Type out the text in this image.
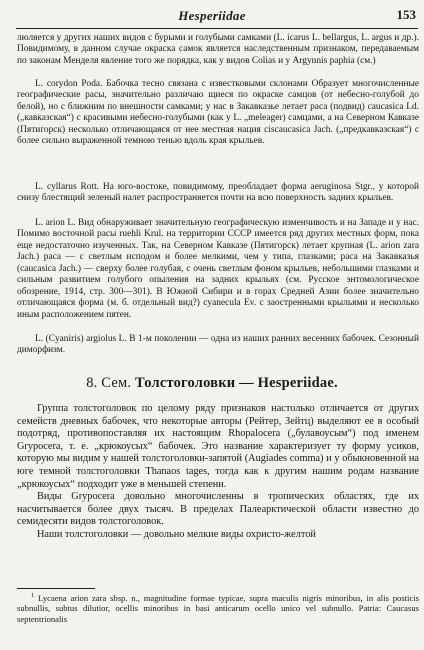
Hesperiidae	153

люляется у других наших видов с бурыми и голубыми самками (L. icarus L. bellargus, L. argus и др.). Повидимому, в данном случае окраска самок является наследственным признаком, передаваемым по законам Менделя явление того же порядка, как у видов Colias и у Argynnis paphia (см.)

L. corydon Poda. Бабочка тесно связана с известковыми склонами Образует многочисленные географические расы, значительно различаю щиеся по окраске самцов (от небесно-голубой до белой), но с ближним по внешности самками; у нас в Закавказье летает раса (подвид) caucasica Ld. („кавказская“) с красивыми небесно-голубыми (как у L. „meleager) самцами, а на Северном Кавказе (Пятигорск) несколько отличающаяся от нее местная нация ciscaucasica Jach. („предкавказская“) с более сильно выраженной темною тенью вдоль края крыльев.

L. cyllarus Rott. На юго-востоке, повидимому, преобладает форма aeruginosa Stgr., у которой снизу блестящий зеленый налет распространяется почти на всю поверхность задних крыльев.

L. arion L. Вид обнаруживает значительную географическую изменчивость и на Западе и у нас. Помимо восточной расы ruehli Krul. на территории СССР имеется ряд других местных форм, пока еще недостаточно изученных. Так, на Северном Кавказе (Пятигорск) летает крупная (L. arion zara Jach.) раса — с светлым исподом и более мелкими, чем у типа, глазками; раса на Закавказья (caucasica Jach.) — сверху более голубая, с очень светлым фоном крыльев, небольшими глазками и сильным развитием голубого опыления на задних крыльях (см. Русское энтомологическое обозрение, 1914, стр. 300—301). В Южной Сибири и в горах Средней Азии более значительно отличающаяся форма (м. б. отдельный вид?) cyanecula Ev. с заостренными крыльями и несколько иным расположением пятен.

L. (Cyaniris) argiolus L. В 1-м поколении — одна из наших ранних весенних бабочек. Сезонный диморфизм.

8. Сем. Толстоголовки — Hesperiidae.

Группа толстоголовок по целому ряду признаков настолько отличается от других семейств дневных бабочек, что некоторые авторы (Рейтер, Зейтц) выделяют ее в особый подотряд, противопоставляя их настоящим Rhopalocera („булавоусым“) под именем Grypocera, т. е. „крюкоусых“ бабочек. Это название характеризует ту форму усиков, которую мы видим у нашей толстоголовки-запятой (Augiades comma) и у обыкновенной на юге темной толстоголовки Thanaos tages, тогда как к другим нашим родам название „крюкоусых“ подходит уже в меньшей степени.

Виды Grypocera довольно многочисленны в тропических областях, где их насчитывается более двух тысяч. В пределах Палеарктической области известно до семидесяти видов толстоголовок.

Наши толстоголовки — довольно мелкие виды охристо-желтой

$^1$ Lycaena arion zara sbsp. n., magnitudine formae typicae, supra maculis nigris minoribus, in alis posticis subnullis, subtus dilutior, ocellis minoribus in basi anticarum ocello unico vel subnullo. Patria: Caucasus septentrionalis
